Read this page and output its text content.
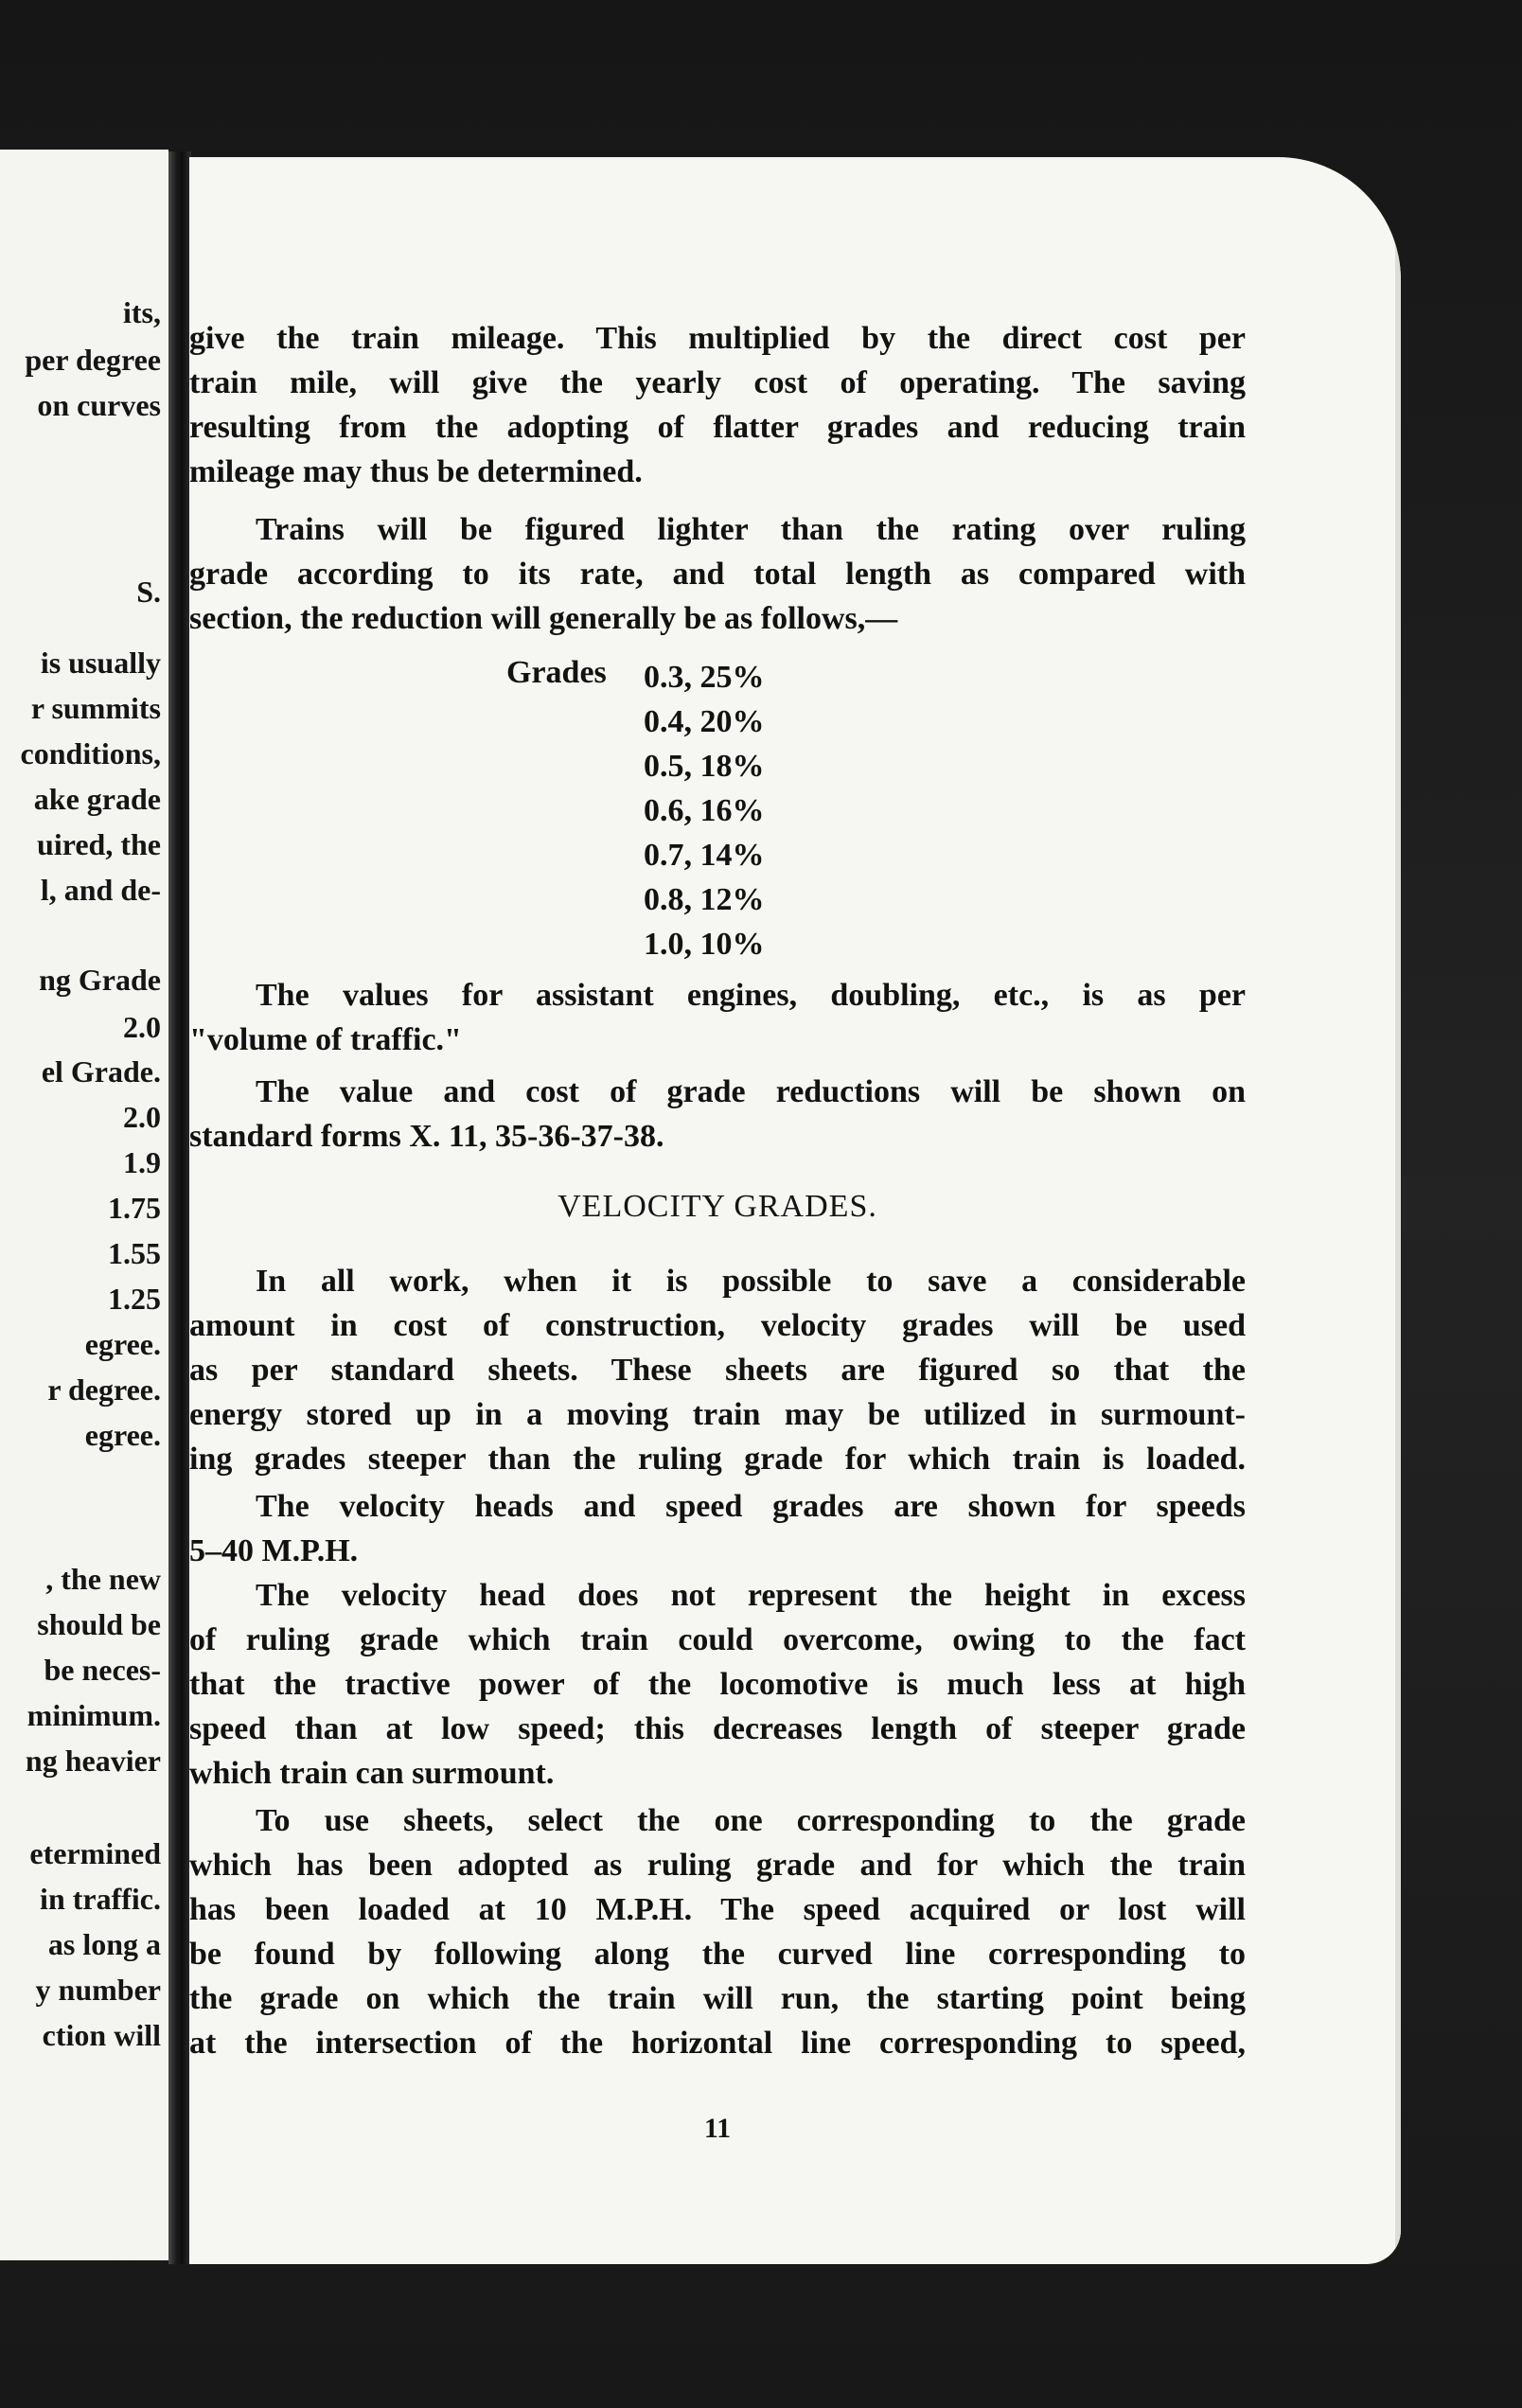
its,
per degree
on curves
S.
is usually
r summits
conditions,
ake grade
uired, the
l, and de-
ng Grade
2.0
el Grade.
2.0
1.9
1.75
1.55
1.25
egree.
r degree.
egree.
, the new
should be
be neces-
minimum.
ng heavier
etermined
in traffic.
as long a
y number
ction will
give the train mileage. This multiplied by the direct cost per
train mile, will give the yearly cost of operating. The saving
resulting from the adopting of flatter grades and reducing train
mileage may thus be determined.
Trains will be figured lighter than the rating over ruling
grade according to its rate, and total length as compared with
section, the reduction will generally be as follows,—
Grades 0.3, 25%
0.4, 20%
0.5, 18%
0.6, 16%
0.7, 14%
0.8, 12%
1.0, 10%
The values for assistant engines, doubling, etc., is as per
"volume of traffic."
The value and cost of grade reductions will be shown on
standard forms X. 11, 35-36-37-38.
VELOCITY GRADES.
In all work, when it is possible to save a considerable
amount in cost of construction, velocity grades will be used
as per standard sheets. These sheets are figured so that the
energy stored up in a moving train may be utilized in surmount-
ing grades steeper than the ruling grade for which train is loaded.
The velocity heads and speed grades are shown for speeds
5–40 M.P.H.
The velocity head does not represent the height in excess
of ruling grade which train could overcome, owing to the fact
that the tractive power of the locomotive is much less at high
speed than at low speed; this decreases length of steeper grade
which train can surmount.
To use sheets, select the one corresponding to the grade
which has been adopted as ruling grade and for which the train
has been loaded at 10 M.P.H. The speed acquired or lost will
be found by following along the curved line corresponding to
the grade on which the train will run, the starting point being
at the intersection of the horizontal line corresponding to speed,
11
